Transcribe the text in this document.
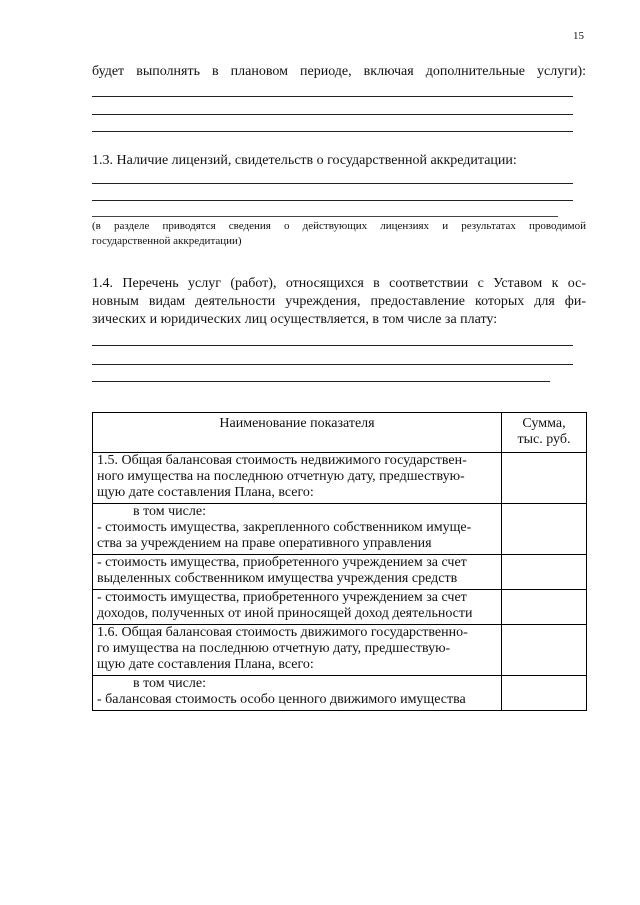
15
будет выполнять в плановом периоде, включая дополнительные услуги):
1.3. Наличие лицензий, свидетельств о государственной аккредитации:
(в разделе приводятся сведения о действующих лицензиях и результатах проводимой
государственной аккредитации)
1.4. Перечень услуг (работ), относящихся в соответствии с Уставом к ос-
новным видам деятельности учреждения, предоставление которых для фи-
зических и юридических лиц осуществляется, в том числе за плату:
Наименование показателя	Сумма,
тыс. руб.

1.5. Общая балансовая стоимость недвижимого государствен-
ного имущества на последнюю отчетную дату, предшествую-
щую дате составления Плана, всего:	

в том числе:
- стоимость имущества, закрепленного собственником имуще-
ства за учреждением на праве оперативного управления	

- стоимость имущества, приобретенного учреждением за счет
выделенных собственником имущества учреждения средств	

- стоимость имущества, приобретенного учреждением за счет
доходов, полученных от иной приносящей доход деятельности	

1.6. Общая балансовая стоимость движимого государственно-
го имущества на последнюю отчетную дату, предшествую-
щую дате составления Плана, всего:	

в том числе:
- балансовая стоимость особо ценного движимого имущества	
